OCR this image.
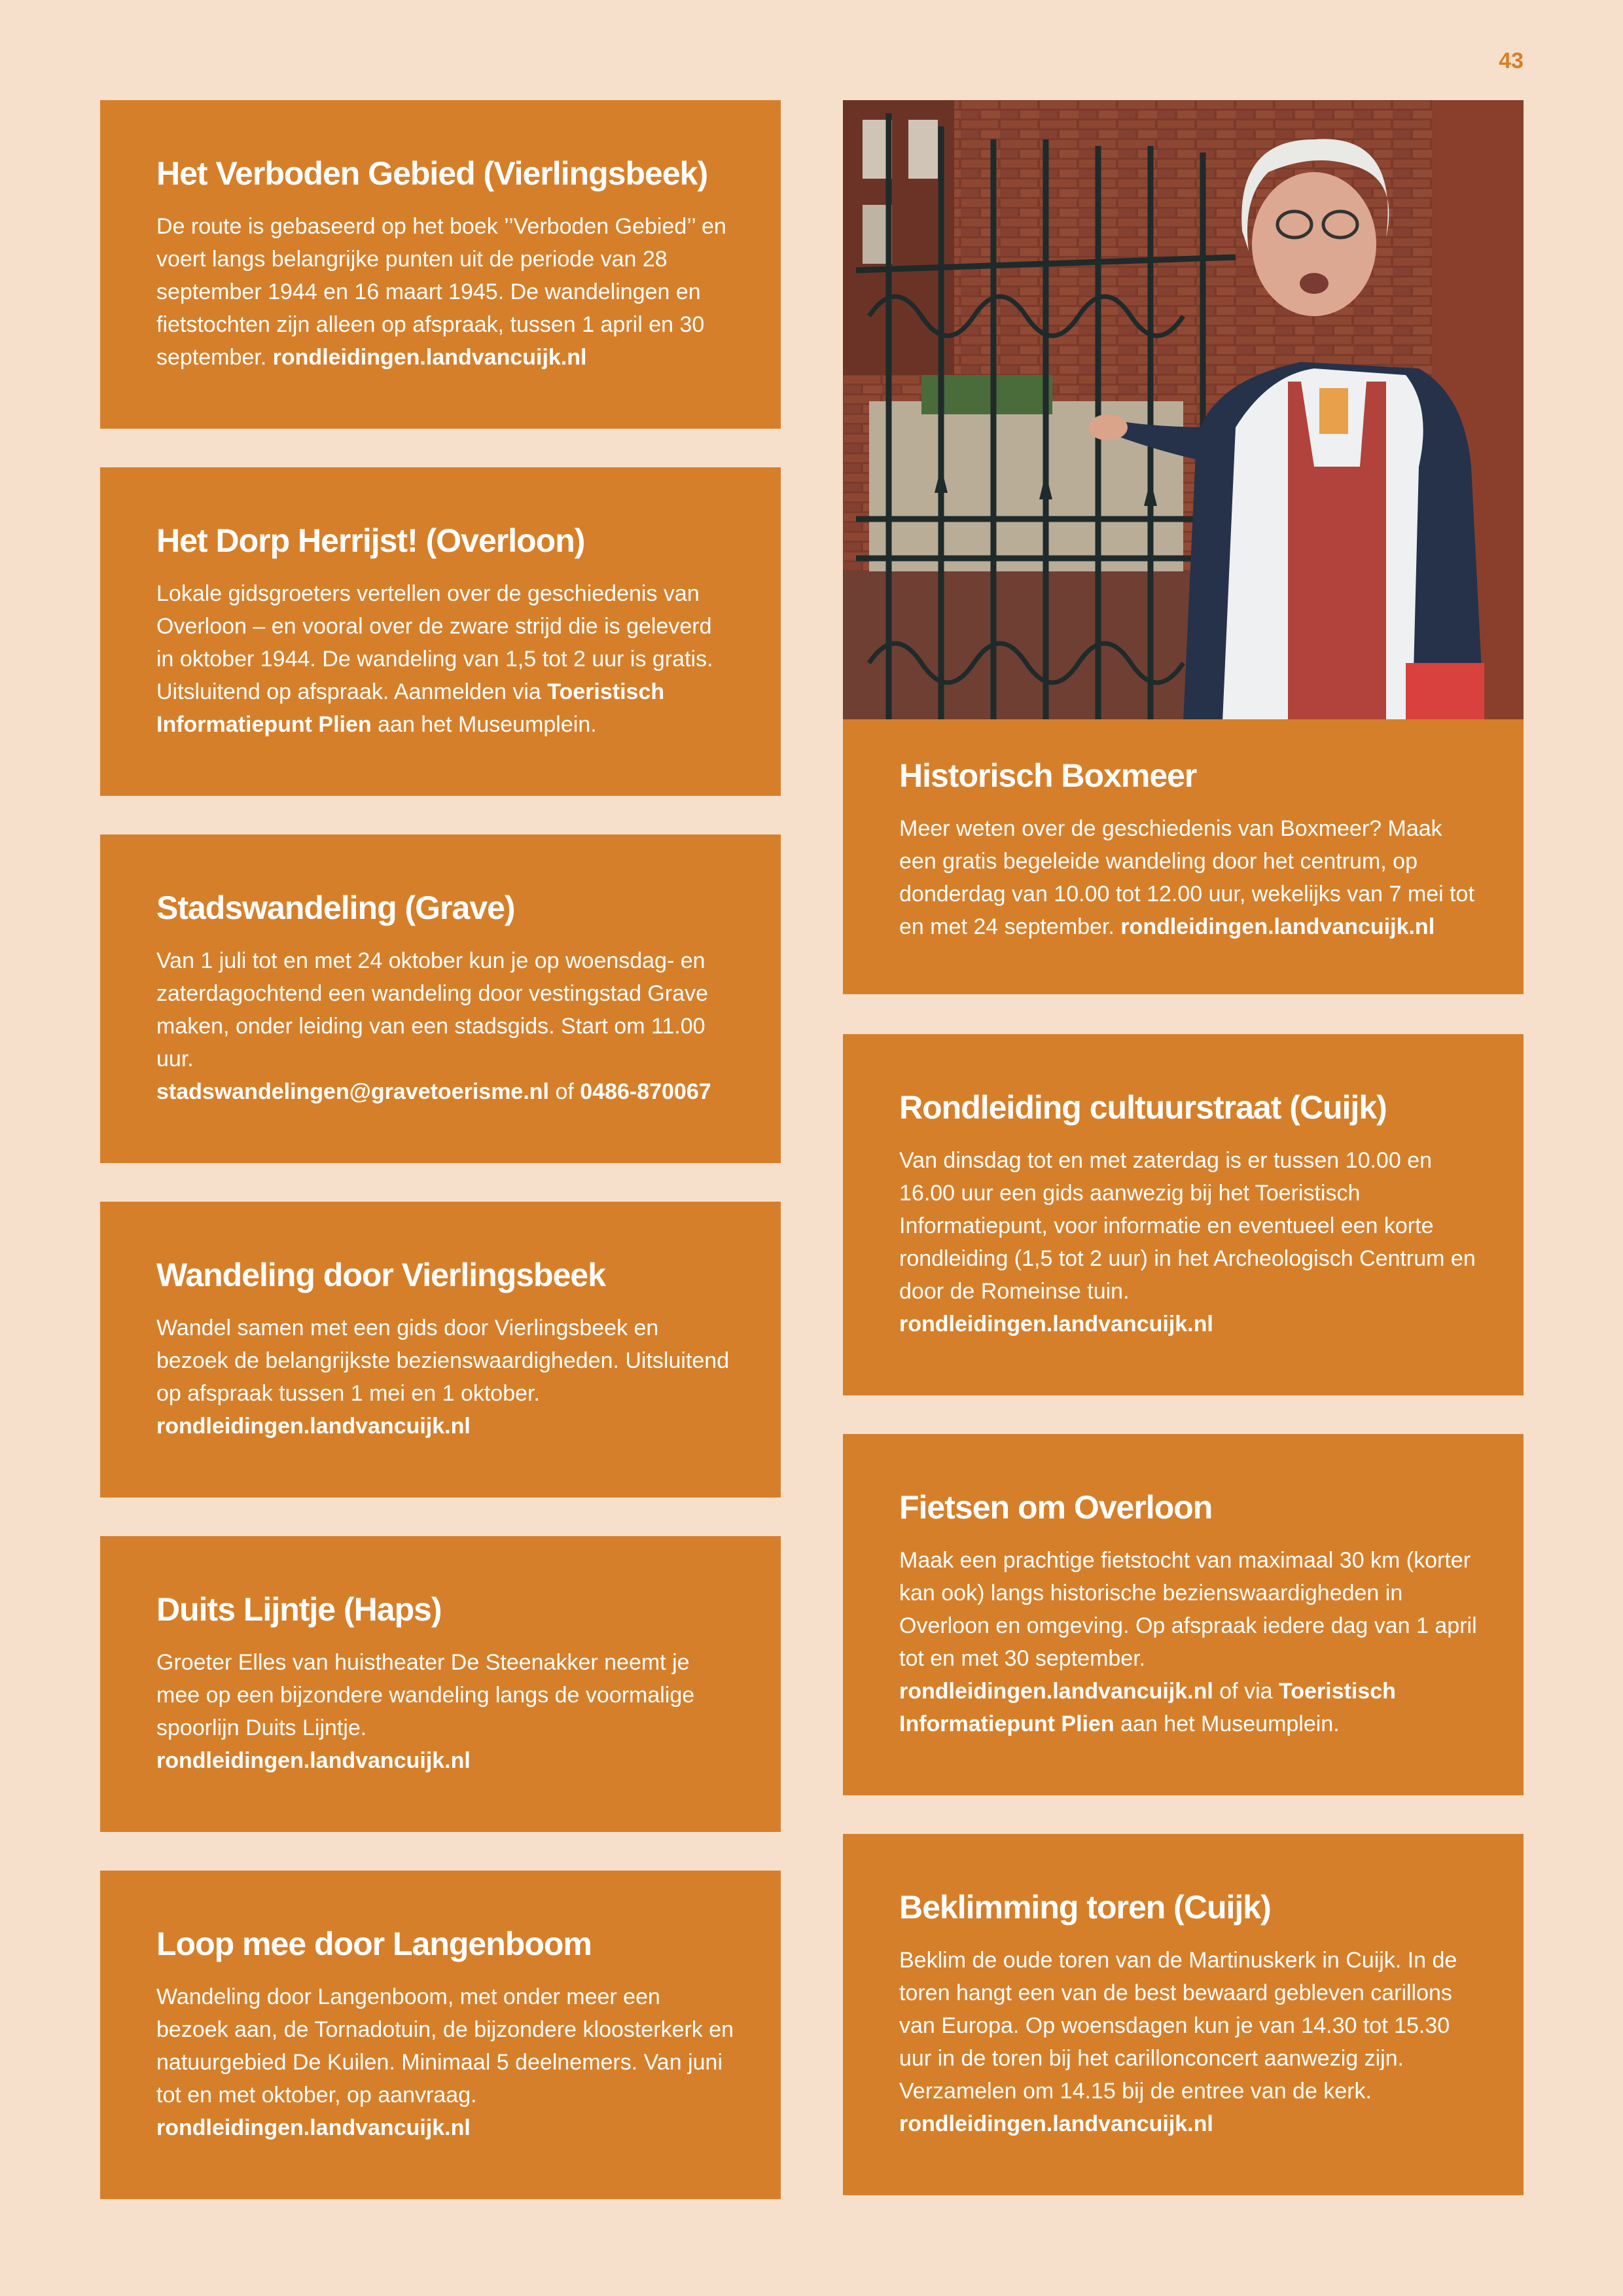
43
Het Verboden Gebied (Vierlingsbeek)

De route is gebaseerd op het boek ’’Verboden Gebied’’ en voert langs belangrijke punten uit de periode van 28 september 1944 en 16 maart 1945. De wandelingen en fietstochten zijn alleen op afspraak, tussen 1 april en 30 september. rondleidingen.landvancuijk.nl

Het Dorp Herrijst! (Overloon)

Lokale gidsgroeters vertellen over de geschiedenis van Overloon – en vooral over de zware strijd die is geleverd in oktober 1944. De wandeling van 1,5 tot 2 uur is gratis. Uitsluitend op afspraak. Aanmelden via Toeristisch Informatiepunt Plien aan het Museumplein.

Stadswandeling (Grave)

Van 1 juli tot en met 24 oktober kun je op woensdag- en zaterdagochtend een wandeling door vestingstad Grave maken, onder leiding van een stadsgids. Start om 11.00 uur.
stadswandelingen@gravetoerisme.nl of 0486-870067

Wandeling door Vierlingsbeek

Wandel samen met een gids door Vierlingsbeek en bezoek de belangrijkste bezienswaardigheden. Uitsluitend op afspraak tussen 1 mei en 1 oktober.
rondleidingen.landvancuijk.nl

Duits Lijntje (Haps)

Groeter Elles van huistheater De Steenakker neemt je mee op een bijzondere wandeling langs de voormalige spoorlijn Duits Lijntje.
rondleidingen.landvancuijk.nl

Loop mee door Langenboom

Wandeling door Langenboom, met onder meer een bezoek aan, de Tornadotuin, de bijzondere kloosterkerk en natuurgebied De Kuilen. Minimaal 5 deelnemers. Van juni tot en met oktober, op aanvraag.
rondleidingen.landvancuijk.nl

Historisch Boxmeer

Meer weten over de geschiedenis van Boxmeer? Maak een gratis begeleide wandeling door het centrum, op donderdag van 10.00 tot 12.00 uur, wekelijks van 7 mei tot en met 24 september. rondleidingen.landvancuijk.nl

Rondleiding cultuurstraat (Cuijk)

Van dinsdag tot en met zaterdag is er tussen 10.00 en 16.00 uur een gids aanwezig bij het Toeristisch Informatiepunt, voor informatie en eventueel een korte rondleiding (1,5 tot 2 uur) in het Archeologisch Centrum en door de Romeinse tuin.
rondleidingen.landvancuijk.nl

Fietsen om Overloon

Maak een prachtige fietstocht van maximaal 30 km (korter kan ook) langs historische bezienswaardigheden in Overloon en omgeving. Op afspraak iedere dag van 1 april tot en met 30 september.
rondleidingen.landvancuijk.nl of via Toeristisch Informatiepunt Plien aan het Museumplein.

Beklimming toren (Cuijk)

Beklim de oude toren van de Martinuskerk in Cuijk. In de toren hangt een van de best bewaard gebleven carillons van Europa. Op woensdagen kun je van 14.30 tot 15.30 uur in de toren bij het carillonconcert aanwezig zijn. Verzamelen om 14.15 bij de entree van de kerk.
rondleidingen.landvancuijk.nl
